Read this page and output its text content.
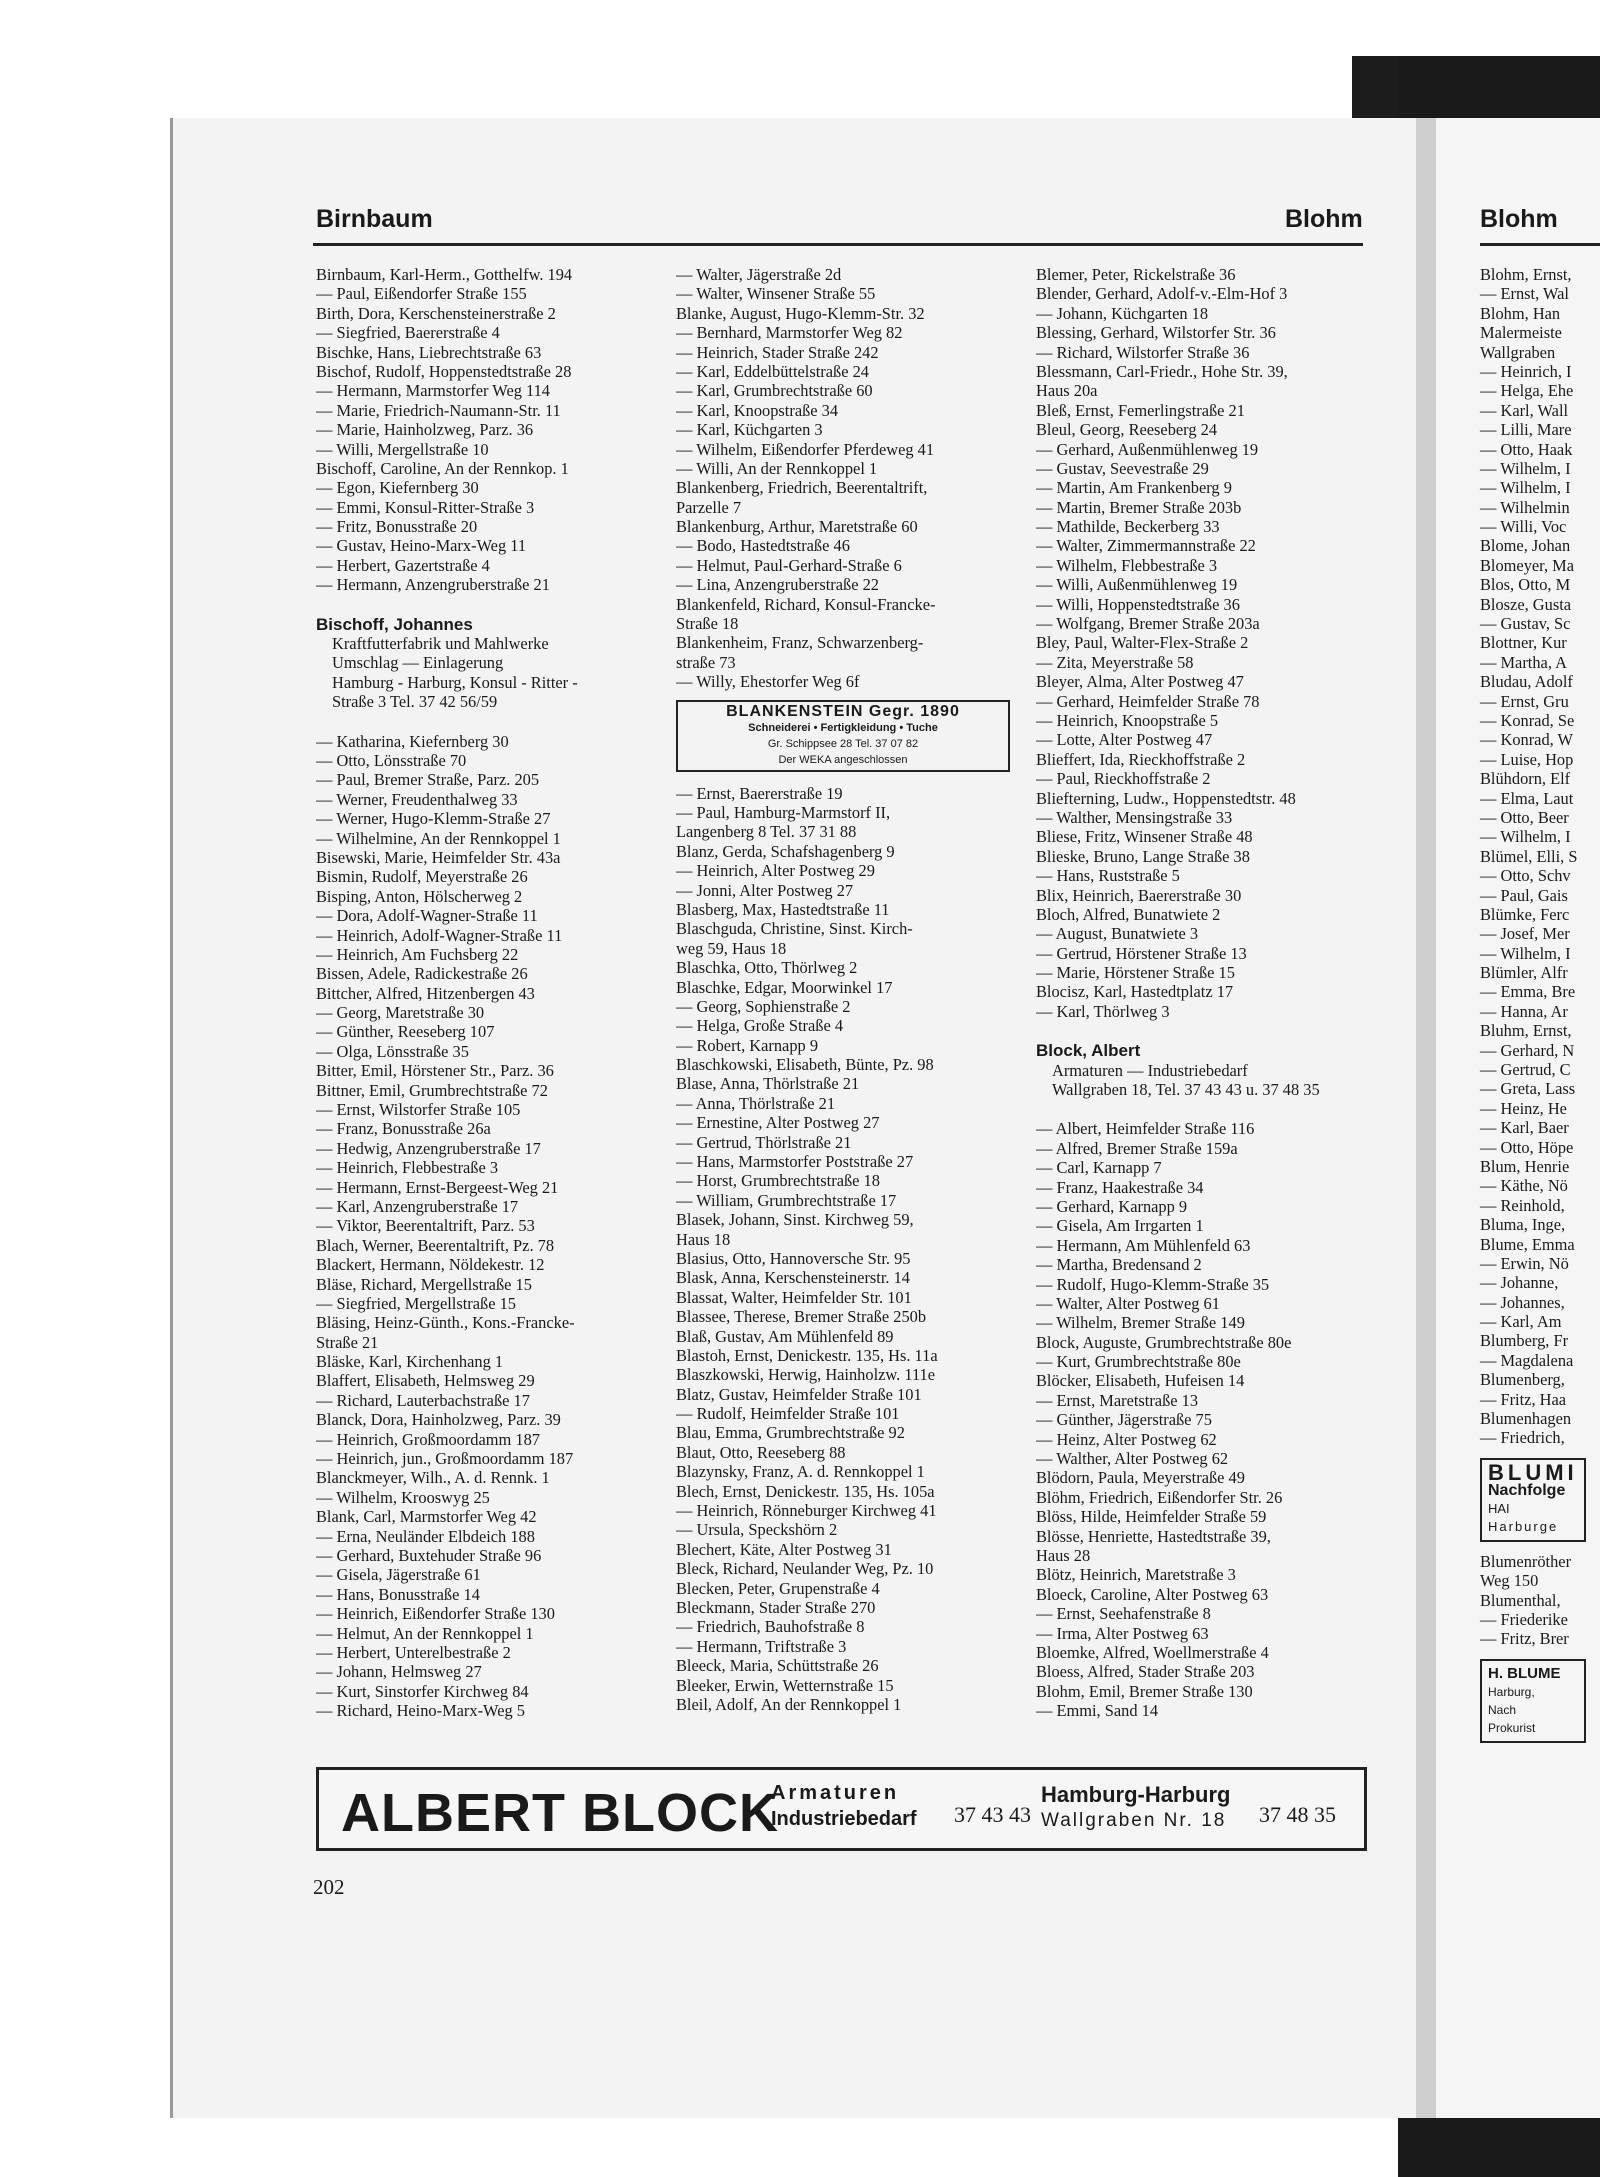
Birnbaum	Blohm	Blohm
Birnbaum, Karl-Herm., Gotthelfw. 194
— Paul, Eißendorfer Straße 155
Birth, Dora, Kerschensteinerstraße 2
— Siegfried, Baererstraße 4
Bischke, Hans, Liebrechtstraße 63
Bischof, Rudolf, Hoppenstedtstraße 28
— Hermann, Marmstorfer Weg 114
— Marie, Friedrich-Naumann-Str. 11
— Marie, Hainholzweg, Parz. 36
— Willi, Mergellstraße 10
Bischoff, Caroline, An der Rennkop. 1
— Egon, Kiefernberg 30
— Emmi, Konsul-Ritter-Straße 3
— Fritz, Bonusstraße 20
— Gustav, Heino-Marx-Weg 11
— Herbert, Gazertstraße 4
— Hermann, Anzengruberstraße 21
Bischoff, Johannes
Kraftfutterfabrik und Mahlwerke
Umschlag — Einlagerung
Hamburg - Harburg, Konsul - Ritter -
Straße 3 Tel. 37 42 56/59
— Katharina, Kiefernberg 30
— Otto, Lönsstraße 70
— Paul, Bremer Straße, Parz. 205
— Werner, Freudenthalweg 33
— Werner, Hugo-Klemm-Straße 27
— Wilhelmine, An der Rennkoppel 1
Bisewski, Marie, Heimfelder Str. 43a
Bismin, Rudolf, Meyerstraße 26
Bisping, Anton, Hölscherweg 2
— Dora, Adolf-Wagner-Straße 11
— Heinrich, Adolf-Wagner-Straße 11
— Heinrich, Am Fuchsberg 22
Bissen, Adele, Radickestraße 26
Bittcher, Alfred, Hitzenbergen 43
— Georg, Maretstraße 30
— Günther, Reeseberg 107
— Olga, Lönsstraße 35
Bitter, Emil, Hörstener Str., Parz. 36
Bittner, Emil, Grumbrechtstraße 72
— Ernst, Wilstorfer Straße 105
— Franz, Bonusstraße 26a
— Hedwig, Anzengruberstraße 17
— Heinrich, Flebbestraße 3
— Hermann, Ernst-Bergeest-Weg 21
— Karl, Anzengruberstraße 17
— Viktor, Beerentaltrift, Parz. 53
Blach, Werner, Beerentaltrift, Pz. 78
Blackert, Hermann, Nöldekestr. 12
Bläse, Richard, Mergellstraße 15
— Siegfried, Mergellstraße 15
Bläsing, Heinz-Günth., Kons.-Francke-
Straße 21
Bläske, Karl, Kirchenhang 1
Blaffert, Elisabeth, Helmsweg 29
— Richard, Lauterbachstraße 17
Blanck, Dora, Hainholzweg, Parz. 39
— Heinrich, Großmoordamm 187
— Heinrich, jun., Großmoordamm 187
Blanckmeyer, Wilh., A. d. Rennk. 1
— Wilhelm, Krooswyg 25
Blank, Carl, Marmstorfer Weg 42
— Erna, Neuländer Elbdeich 188
— Gerhard, Buxtehuder Straße 96
— Gisela, Jägerstraße 61
— Hans, Bonusstraße 14
— Heinrich, Eißendorfer Straße 130
— Helmut, An der Rennkoppel 1
— Herbert, Unterelbestraße 2
— Johann, Helmsweg 27
— Kurt, Sinstorfer Kirchweg 84
— Richard, Heino-Marx-Weg 5
— Walter, Jägerstraße 2d
— Walter, Winsener Straße 55
Blanke, August, Hugo-Klemm-Str. 32
— Bernhard, Marmstorfer Weg 82
— Heinrich, Stader Straße 242
— Karl, Eddelbüttelstraße 24
— Karl, Grumbrechtstraße 60
— Karl, Knoopstraße 34
— Karl, Küchgarten 3
— Wilhelm, Eißendorfer Pferdeweg 41
— Willi, An der Rennkoppel 1
Blankenberg, Friedrich, Beerentaltrift,
Parzelle 7
Blankenburg, Arthur, Maretstraße 60
— Bodo, Hastedtstraße 46
— Helmut, Paul-Gerhard-Straße 6
— Lina, Anzengruberstraße 22
Blankenfeld, Richard, Konsul-Francke-
Straße 18
Blankenheim, Franz, Schwarzenberg-
straße 73
— Willy, Ehestorfer Weg 6f
BLANKENSTEIN Gegr. 1890
Schneiderei • Fertigkleidung • Tuche
Gr. Schippsee 28 Tel. 37 07 82
Der WEKA angeschlossen
— Ernst, Baererstraße 19
— Paul, Hamburg-Marmstorf II,
Langenberg 8 Tel. 37 31 88
Blanz, Gerda, Schafshagenberg 9
— Heinrich, Alter Postweg 29
— Jonni, Alter Postweg 27
Blasberg, Max, Hastedtstraße 11
Blaschguda, Christine, Sinst. Kirch-
weg 59, Haus 18
Blaschka, Otto, Thörlweg 2
Blaschke, Edgar, Moorwinkel 17
— Georg, Sophienstraße 2
— Helga, Große Straße 4
— Robert, Karnapp 9
Blaschkowski, Elisabeth, Bünte, Pz. 98
Blase, Anna, Thörlstraße 21
— Anna, Thörlstraße 21
— Ernestine, Alter Postweg 27
— Gertrud, Thörlstraße 21
— Hans, Marmstorfer Poststraße 27
— Horst, Grumbrechtstraße 18
— William, Grumbrechtstraße 17
Blasek, Johann, Sinst. Kirchweg 59,
Haus 18
Blasius, Otto, Hannoversche Str. 95
Blask, Anna, Kerschensteinerstr. 14
Blassat, Walter, Heimfelder Str. 101
Blassee, Therese, Bremer Straße 250b
Blaß, Gustav, Am Mühlenfeld 89
Blastoh, Ernst, Denickestr. 135, Hs. 11a
Blaszkowski, Herwig, Hainholzw. 111e
Blatz, Gustav, Heimfelder Straße 101
— Rudolf, Heimfelder Straße 101
Blau, Emma, Grumbrechtstraße 92
Blaut, Otto, Reeseberg 88
Blazynsky, Franz, A. d. Rennkoppel 1
Blech, Ernst, Denickestr. 135, Hs. 105a
— Heinrich, Rönneburger Kirchweg 41
— Ursula, Speckshörn 2
Blechert, Käte, Alter Postweg 31
Bleck, Richard, Neulander Weg, Pz. 10
Blecken, Peter, Grupenstraße 4
Bleckmann, Stader Straße 270
— Friedrich, Bauhofstraße 8
— Hermann, Triftstraße 3
Bleeck, Maria, Schüttstraße 26
Bleeker, Erwin, Wetternstraße 15
Bleil, Adolf, An der Rennkoppel 1
Blemer, Peter, Rickelstraße 36
Blender, Gerhard, Adolf-v.-Elm-Hof 3
— Johann, Küchgarten 18
Blessing, Gerhard, Wilstorfer Str. 36
— Richard, Wilstorfer Straße 36
Blessmann, Carl-Friedr., Hohe Str. 39,
Haus 20a
Bleß, Ernst, Femerlingstraße 21
Bleul, Georg, Reeseberg 24
— Gerhard, Außenmühlenweg 19
— Gustav, Seevestraße 29
— Martin, Am Frankenberg 9
— Martin, Bremer Straße 203b
— Mathilde, Beckerberg 33
— Walter, Zimmermannstraße 22
— Wilhelm, Flebbestraße 3
— Willi, Außenmühlenweg 19
— Willi, Hoppenstedtstraße 36
— Wolfgang, Bremer Straße 203a
Bley, Paul, Walter-Flex-Straße 2
— Zita, Meyerstraße 58
Bleyer, Alma, Alter Postweg 47
— Gerhard, Heimfelder Straße 78
— Heinrich, Knoopstraße 5
— Lotte, Alter Postweg 47
Blieffert, Ida, Rieckhoffstraße 2
— Paul, Rieckhoffstraße 2
Bliefterning, Ludw., Hoppenstedtstr. 48
— Walther, Mensingstraße 33
Bliese, Fritz, Winsener Straße 48
Blieske, Bruno, Lange Straße 38
— Hans, Ruststraße 5
Blix, Heinrich, Baererstraße 30
Bloch, Alfred, Bunatwiete 2
— August, Bunatwiete 3
— Gertrud, Hörstener Straße 13
— Marie, Hörstener Straße 15
Blocisz, Karl, Hastedtplatz 17
— Karl, Thörlweg 3
Block, Albert
Armaturen — Industriebedarf
Wallgraben 18, Tel. 37 43 43 u. 37 48 35
— Albert, Heimfelder Straße 116
— Alfred, Bremer Straße 159a
— Carl, Karnapp 7
— Franz, Haakestraße 34
— Gerhard, Karnapp 9
— Gisela, Am Irrgarten 1
— Hermann, Am Mühlenfeld 63
— Martha, Bredensand 2
— Rudolf, Hugo-Klemm-Straße 35
— Walter, Alter Postweg 61
— Wilhelm, Bremer Straße 149
Block, Auguste, Grumbrechtstraße 80e
— Kurt, Grumbrechtstraße 80e
Blöcker, Elisabeth, Hufeisen 14
— Ernst, Maretstraße 13
— Günther, Jägerstraße 75
— Heinz, Alter Postweg 62
— Walther, Alter Postweg 62
Blödorn, Paula, Meyerstraße 49
Blöhm, Friedrich, Eißendorfer Str. 26
Blöss, Hilde, Heimfelder Straße 59
Blösse, Henriette, Hastedtstraße 39,
Haus 28
Blötz, Heinrich, Maretstraße 3
Bloeck, Caroline, Alter Postweg 63
— Ernst, Seehafenstraße 8
— Irma, Alter Postweg 63
Bloemke, Alfred, Woellmerstraße 4
Bloess, Alfred, Stader Straße 203
Blohm, Emil, Bremer Straße 130
— Emmi, Sand 14
Blohm, Ernst,
— Ernst, Wal
Blohm, Han
Malermeiste
Wallgraben
— Heinrich, I
— Helga, Ehe
— Karl, Wall
— Lilli, Mare
— Otto, Haak
— Wilhelm, I
— Wilhelm, I
— Wilhelmin
— Willi, Voc
Blome, Johan
Blomeyer, Ma
Blos, Otto, M
Blosze, Gusta
— Gustav, Sc
Blottner, Kur
— Martha, A
Bludau, Adolf
— Ernst, Gru
— Konrad, Se
— Konrad, W
— Luise, Hop
Blühdorn, Elf
— Elma, Laut
— Otto, Beer
— Wilhelm, I
Blümel, Elli, S
— Otto, Schv
— Paul, Gais
Blümke, Ferc
— Josef, Mer
— Wilhelm, I
Blümler, Alfr
— Emma, Bre
— Hanna, Ar
Bluhm, Ernst,
— Gerhard, N
— Gertrud, C
— Greta, Lass
— Heinz, He
— Karl, Baer
— Otto, Höpe
Blum, Henrie
— Käthe, Nö
— Reinhold,
Bluma, Inge,
Blume, Emma
— Erwin, Nö
— Johanne,
— Johannes,
— Karl, Am
Blumberg, Fr
— Magdalena
Blumenberg,
— Fritz, Haa
Blumenhagen
— Friedrich,
BLUMI
Nachfolge
HAI
Harburge
Blumenröther
Weg 150
Blumenthal,
— Friederike
— Fritz, Brer
H. BLUME
Harburg,
Nach
Prokurist
ALBERT BLOCK
Armaturen
Industriebedarf 37 43 43
Hamburg-Harburg
Wallgraben Nr. 18 37 48 35
202
